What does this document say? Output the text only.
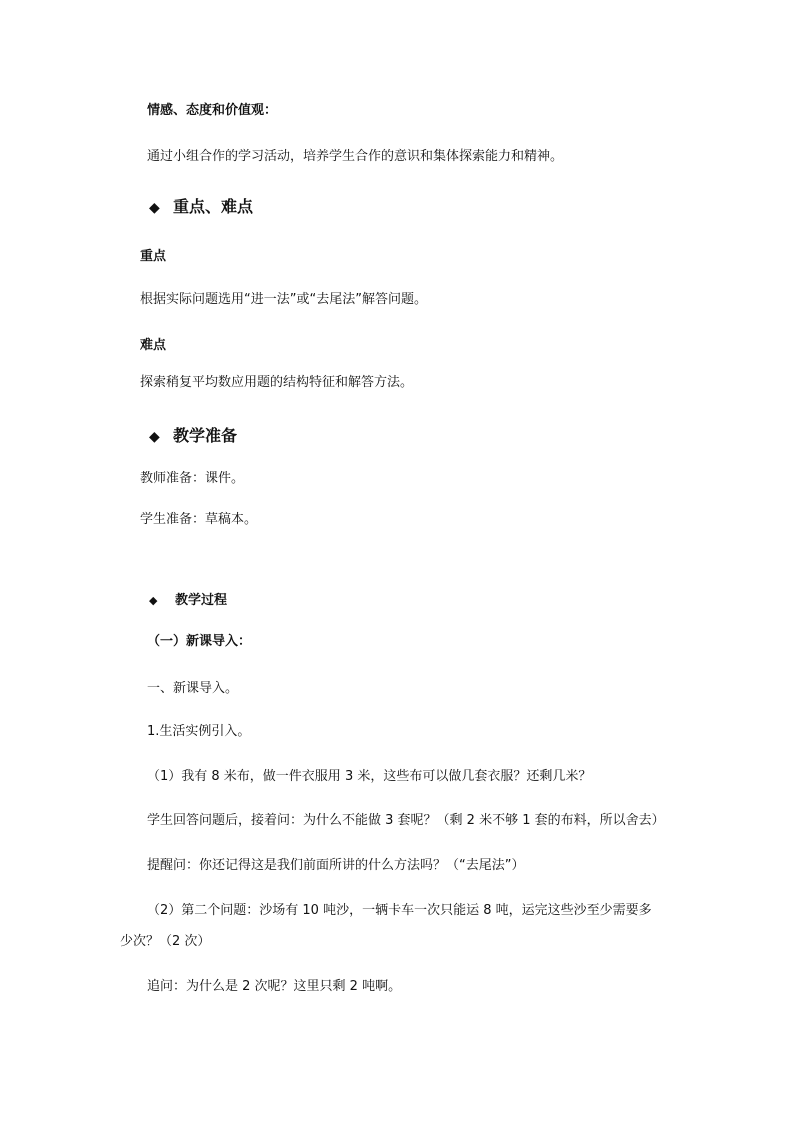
情感、态度和价值观：
通过小组合作的学习活动，培养学生合作的意识和集体探索能力和精神。
◆ 重点、难点
重点
根据实际问题选用“进一法”或“去尾法”解答问题。
难点
探索稍复平均数应用题的结构特征和解答方法。
◆ 教学准备
教师准备：课件。
学生准备：草稿本。
◆ 教学过程
（一）新课导入：
一、新课导入。
1.生活实例引入。
（1）我有 8 米布，做一件衣服用 3 米，这些布可以做几套衣服？还剩几米？
学生回答问题后，接着问：为什么不能做 3 套呢？（剩 2 米不够 1 套的布料，所以舍去）
提醒问：你还记得这是我们前面所讲的什么方法吗？（“去尾法”）
（2）第二个问题：沙场有 10 吨沙，一辆卡车一次只能运 8 吨，运完这些沙至少需要多
少次？（2 次）
追问：为什么是 2 次呢？这里只剩 2 吨啊。
